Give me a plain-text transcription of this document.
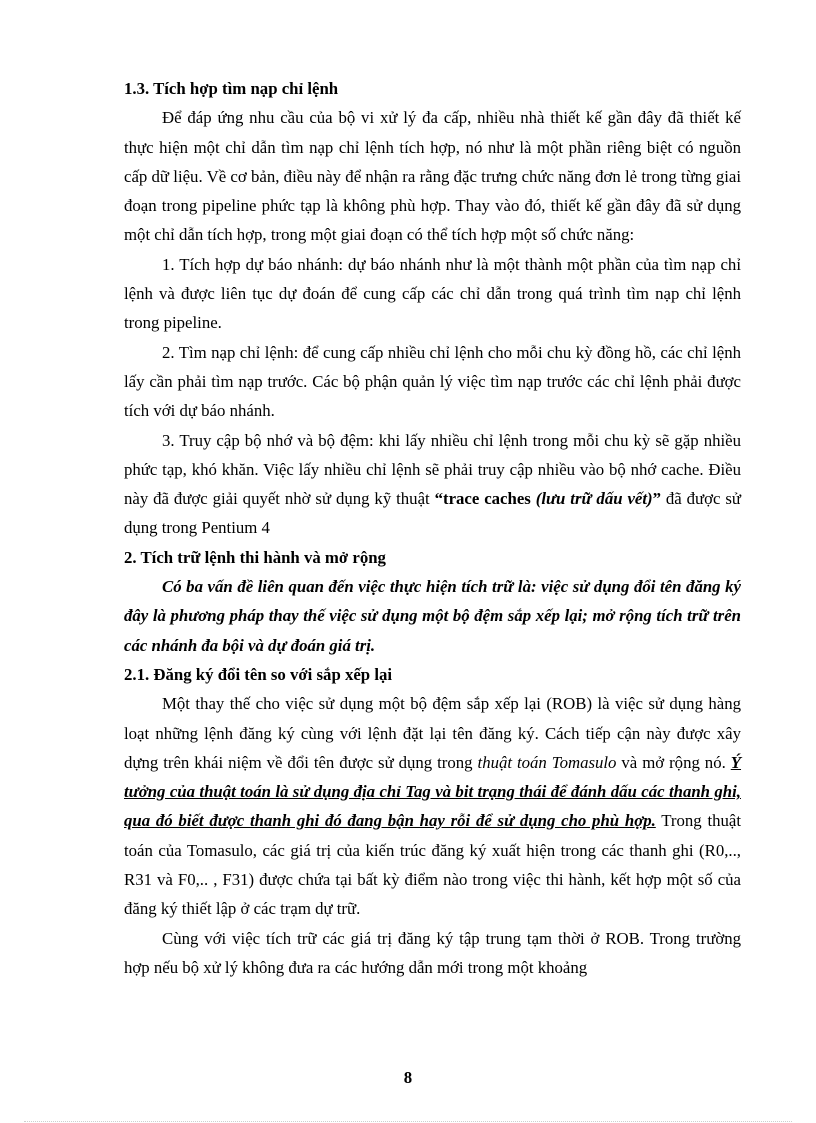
1.3. Tích hợp tìm nạp chỉ lệnh

Để đáp ứng nhu cầu của bộ vi xử lý đa cấp, nhiều nhà thiết kế gần đây đã thiết kế thực hiện một chỉ dẫn tìm nạp chỉ lệnh tích hợp, nó như là một phần riêng biệt có nguồn cấp dữ liệu. Về cơ bản, điều này để nhận ra rằng đặc trưng chức năng đơn lẻ trong từng giai đoạn trong pipeline phức tạp là không phù hợp. Thay vào đó, thiết kế gần đây đã sử dụng một chỉ dẫn tích hợp, trong một giai đoạn có thể tích hợp một số chức năng:

1. Tích hợp dự báo nhánh: dự báo nhánh như là một thành một phần của tìm nạp chỉ lệnh và được liên tục dự đoán để cung cấp các chỉ dẫn trong quá trình tìm nạp chỉ lệnh trong pipeline.

2. Tìm nạp chỉ lệnh: để cung cấp nhiều chỉ lệnh cho mỗi chu kỳ đồng hồ, các chỉ lệnh lấy cần phải tìm nạp trước. Các bộ phận quản lý việc tìm nạp trước các chỉ lệnh phải được tích với dự báo nhánh.

3. Truy cập bộ nhớ và bộ đệm: khi lấy nhiều chỉ lệnh trong mỗi chu kỳ sẽ gặp nhiều phức tạp, khó khăn. Việc lấy nhiều chỉ lệnh sẽ phải truy cập nhiều vào bộ nhớ cache. Điều này đã được giải quyết nhờ sử dụng kỹ thuật “trace caches (lưu trữ dấu vết)” đã được sử dụng trong Pentium 4

2. Tích trữ lệnh thi hành và mở rộng

Có ba vấn đề liên quan đến việc thực hiện tích trữ là: việc sử dụng đổi tên đăng ký đây là phương pháp thay thế việc sử dụng một bộ đệm sắp xếp lại; mở rộng tích trữ trên các nhánh đa bội và dự đoán giá trị.

2.1. Đăng ký đổi tên so với sắp xếp lại

Một thay thế cho việc sử dụng một bộ đệm sắp xếp lại (ROB) là việc sử dụng hàng loạt những lệnh đăng ký cùng với lệnh đặt lại tên đăng ký. Cách tiếp cận này được xây dựng trên khái niệm về đổi tên được sử dụng trong thuật toán Tomasulo và mở rộng nó. Ý tưởng của thuật toán là sử dụng địa chỉ Tag và bit trạng thái để đánh dấu các thanh ghi, qua đó biết được thanh ghi đó đang bận hay rỗi để sử dụng cho phù hợp. Trong thuật toán của Tomasulo, các giá trị của kiến trúc đăng ký xuất hiện trong các thanh ghi (R0,.., R31 và F0,.. , F31) được chứa tại bất kỳ điểm nào trong việc thi hành, kết hợp một số của đăng ký thiết lập ở các trạm dự trữ.

Cùng với việc tích trữ các giá trị đăng ký tập trung tạm thời ở ROB. Trong trường hợp nếu bộ xử lý không đưa ra các hướng dẫn mới trong một khoảng

8
